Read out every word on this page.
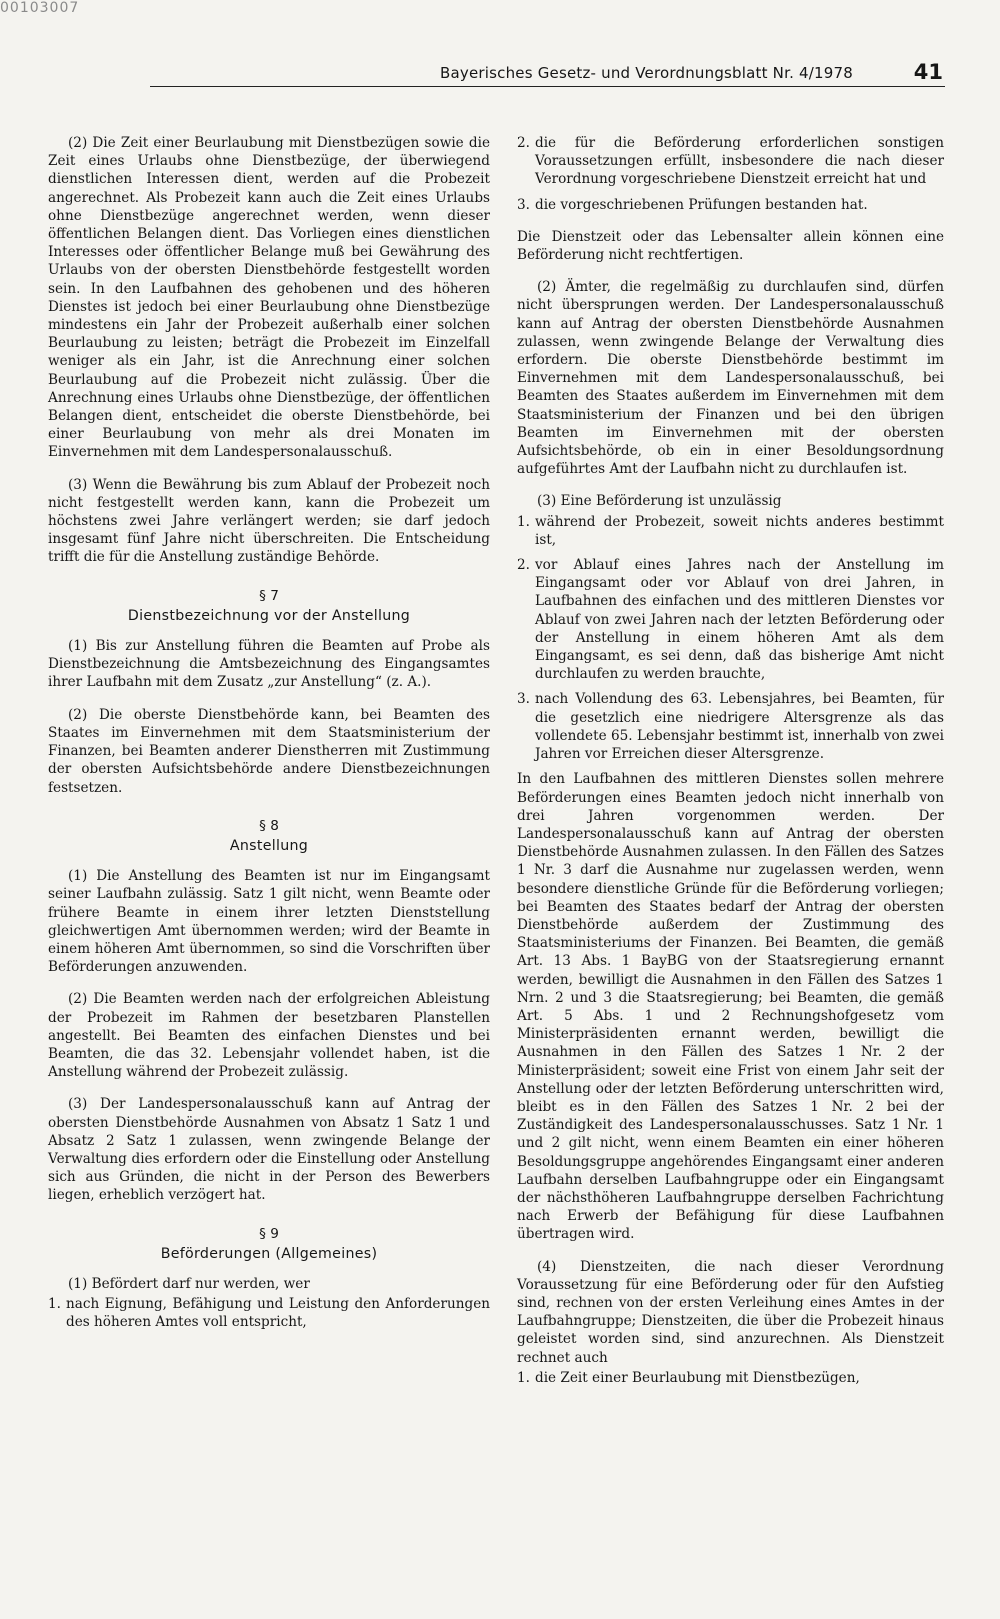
00103007
Bayerisches Gesetz- und Verordnungsblatt Nr. 4/1978	41

(2) Die Zeit einer Beurlaubung mit Dienstbezügen sowie die Zeit eines Urlaubs ohne Dienstbezüge, der überwiegend dienstlichen Interessen dient, werden auf die Probezeit angerechnet. Als Probezeit kann auch die Zeit eines Urlaubs ohne Dienstbezüge angerechnet werden, wenn dieser öffentlichen Belangen dient. Das Vorliegen eines dienstlichen Interesses oder öffentlicher Belange muß bei Gewährung des Urlaubs von der obersten Dienstbehörde festgestellt worden sein. In den Laufbahnen des gehobenen und des höheren Dienstes ist jedoch bei einer Beurlaubung ohne Dienstbezüge mindestens ein Jahr der Probezeit außerhalb einer solchen Beurlaubung zu leisten; beträgt die Probezeit im Einzelfall weniger als ein Jahr, ist die Anrechnung einer solchen Beurlaubung auf die Probezeit nicht zulässig. Über die Anrechnung eines Urlaubs ohne Dienstbezüge, der öffentlichen Belangen dient, entscheidet die oberste Dienstbehörde, bei einer Beurlaubung von mehr als drei Monaten im Einvernehmen mit dem Landespersonalausschuß.

(3) Wenn die Bewährung bis zum Ablauf der Probezeit noch nicht festgestellt werden kann, kann die Probezeit um höchstens zwei Jahre verlängert werden; sie darf jedoch insgesamt fünf Jahre nicht überschreiten. Die Entscheidung trifft die für die Anstellung zuständige Behörde.

§ 7
Dienstbezeichnung vor der Anstellung

(1) Bis zur Anstellung führen die Beamten auf Probe als Dienstbezeichnung die Amtsbezeichnung des Eingangsamtes ihrer Laufbahn mit dem Zusatz „zur Anstellung“ (z. A.).

(2) Die oberste Dienstbehörde kann, bei Beamten des Staates im Einvernehmen mit dem Staatsministerium der Finanzen, bei Beamten anderer Dienstherren mit Zustimmung der obersten Aufsichtsbehörde andere Dienstbezeichnungen festsetzen.

§ 8
Anstellung

(1) Die Anstellung des Beamten ist nur im Eingangsamt seiner Laufbahn zulässig. Satz 1 gilt nicht, wenn Beamte oder frühere Beamte in einem ihrer letzten Dienststellung gleichwertigen Amt übernommen werden; wird der Beamte in einem höheren Amt übernommen, so sind die Vorschriften über Beförderungen anzuwenden.

(2) Die Beamten werden nach der erfolgreichen Ableistung der Probezeit im Rahmen der besetzbaren Planstellen angestellt. Bei Beamten des einfachen Dienstes und bei Beamten, die das 32. Lebensjahr vollendet haben, ist die Anstellung während der Probezeit zulässig.

(3) Der Landespersonalausschuß kann auf Antrag der obersten Dienstbehörde Ausnahmen von Absatz 1 Satz 1 und Absatz 2 Satz 1 zulassen, wenn zwingende Belange der Verwaltung dies erfordern oder die Einstellung oder Anstellung sich aus Gründen, die nicht in der Person des Bewerbers liegen, erheblich verzögert hat.

§ 9
Beförderungen (Allgemeines)

(1) Befördert darf nur werden, wer

1. nach Eignung, Befähigung und Leistung den Anforderungen des höheren Amtes voll entspricht,
2. die für die Beförderung erforderlichen sonstigen Voraussetzungen erfüllt, insbesondere die nach dieser Verordnung vorgeschriebene Dienstzeit erreicht hat und
3. die vorgeschriebenen Prüfungen bestanden hat.

Die Dienstzeit oder das Lebensalter allein können eine Beförderung nicht rechtfertigen.

(2) Ämter, die regelmäßig zu durchlaufen sind, dürfen nicht übersprungen werden. Der Landespersonalausschuß kann auf Antrag der obersten Dienstbehörde Ausnahmen zulassen, wenn zwingende Belange der Verwaltung dies erfordern. Die oberste Dienstbehörde bestimmt im Einvernehmen mit dem Landespersonalausschuß, bei Beamten des Staates außerdem im Einvernehmen mit dem Staatsministerium der Finanzen und bei den übrigen Beamten im Einvernehmen mit der obersten Aufsichtsbehörde, ob ein in einer Besoldungsordnung aufgeführtes Amt der Laufbahn nicht zu durchlaufen ist.

(3) Eine Beförderung ist unzulässig

1. während der Probezeit, soweit nichts anderes bestimmt ist,
2. vor Ablauf eines Jahres nach der Anstellung im Eingangsamt oder vor Ablauf von drei Jahren, in Laufbahnen des einfachen und des mittleren Dienstes vor Ablauf von zwei Jahren nach der letzten Beförderung oder der Anstellung in einem höheren Amt als dem Eingangsamt, es sei denn, daß das bisherige Amt nicht durchlaufen zu werden brauchte,
3. nach Vollendung des 63. Lebensjahres, bei Beamten, für die gesetzlich eine niedrigere Altersgrenze als das vollendete 65. Lebensjahr bestimmt ist, innerhalb von zwei Jahren vor Erreichen dieser Altersgrenze.

In den Laufbahnen des mittleren Dienstes sollen mehrere Beförderungen eines Beamten jedoch nicht innerhalb von drei Jahren vorgenommen werden. Der Landespersonalausschuß kann auf Antrag der obersten Dienstbehörde Ausnahmen zulassen. In den Fällen des Satzes 1 Nr. 3 darf die Ausnahme nur zugelassen werden, wenn besondere dienstliche Gründe für die Beförderung vorliegen; bei Beamten des Staates bedarf der Antrag der obersten Dienstbehörde außerdem der Zustimmung des Staatsministeriums der Finanzen. Bei Beamten, die gemäß Art. 13 Abs. 1 BayBG von der Staatsregierung ernannt werden, bewilligt die Ausnahmen in den Fällen des Satzes 1 Nrn. 2 und 3 die Staatsregierung; bei Beamten, die gemäß Art. 5 Abs. 1 und 2 Rechnungshofgesetz vom Ministerpräsidenten ernannt werden, bewilligt die Ausnahmen in den Fällen des Satzes 1 Nr. 2 der Ministerpräsident; soweit eine Frist von einem Jahr seit der Anstellung oder der letzten Beförderung unterschritten wird, bleibt es in den Fällen des Satzes 1 Nr. 2 bei der Zuständigkeit des Landespersonalausschusses. Satz 1 Nr. 1 und 2 gilt nicht, wenn einem Beamten ein einer höheren Besoldungsgruppe angehörendes Eingangsamt einer anderen Laufbahn derselben Laufbahngruppe oder ein Eingangsamt der nächsthöheren Laufbahngruppe derselben Fachrichtung nach Erwerb der Befähigung für diese Laufbahnen übertragen wird.

(4) Dienstzeiten, die nach dieser Verordnung Voraussetzung für eine Beförderung oder für den Aufstieg sind, rechnen von der ersten Verleihung eines Amtes in der Laufbahngruppe; Dienstzeiten, die über die Probezeit hinaus geleistet worden sind, sind anzurechnen. Als Dienstzeit rechnet auch

1. die Zeit einer Beurlaubung mit Dienstbezügen,
